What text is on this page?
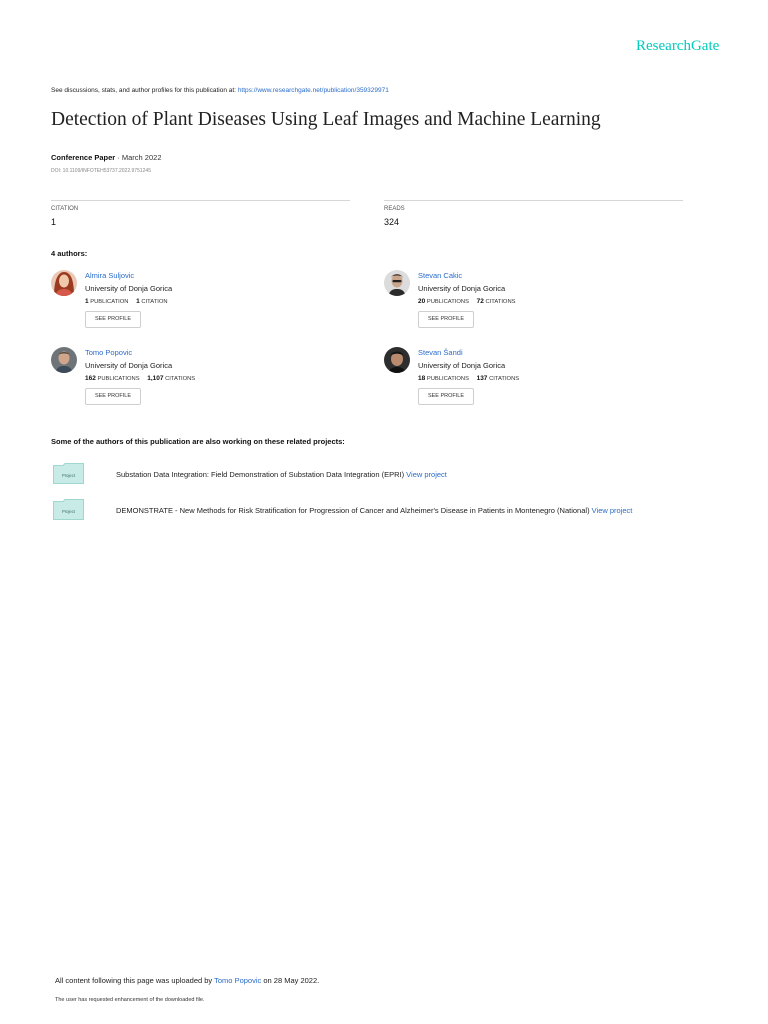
ResearchGate
See discussions, stats, and author profiles for this publication at: https://www.researchgate.net/publication/359329971
Detection of Plant Diseases Using Leaf Images and Machine Learning
Conference Paper · March 2022
DOI: 10.1109/INFOTEH53737.2022.9751245
CITATION
1
READS
324
4 authors:
Almira Suljovic
University of Donja Gorica
1 PUBLICATION 1 CITATION
SEE PROFILE
Stevan Cakic
University of Donja Gorica
20 PUBLICATIONS 72 CITATIONS
SEE PROFILE
Tomo Popovic
University of Donja Gorica
162 PUBLICATIONS 1,107 CITATIONS
SEE PROFILE
Stevan Šandi
University of Donja Gorica
18 PUBLICATIONS 137 CITATIONS
SEE PROFILE
Some of the authors of this publication are also working on these related projects:
Project	Substation Data Integration: Field Demonstration of Substation Data Integration (EPRI) View project
Project	DEMONSTRATE - New Methods for Risk Stratification for Progression of Cancer and Alzheimer's Disease in Patients in Montenegro (National) View project
All content following this page was uploaded by Tomo Popovic on 28 May 2022.
The user has requested enhancement of the downloaded file.
